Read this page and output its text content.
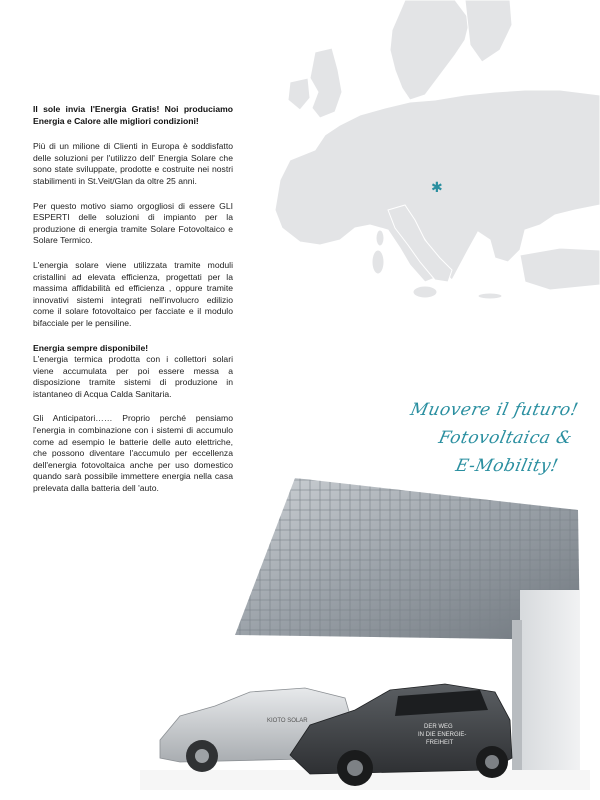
✱

Il sole invia l'Energia Gratis! Noi produciamo Energia e Calore alle migliori condizioni!

Più di un milione di Clienti in Europa è soddisfatto delle soluzioni per l'utilizzo dell' Energia Solare che sono state sviluppate, prodotte e costruite nei nostri stabilimenti in St.Veit/Glan da oltre 25 anni.

Per questo motivo siamo orgogliosi di essere GLI ESPERTI delle soluzioni di impianto per la produzione di energia tramite Solare Fotovoltaico e Solare Termico.

L'energia solare viene utilizzata tramite moduli cristallini ad elevata efficienza, progettati per la massima affidabilità ed efficienza , oppure tramite innovativi sistemi integrati nell'involucro edilizio come il solare fotovoltaico per facciate e il modulo bifacciale per le pensiline.

Energia sempre disponibile!
L'energia termica prodotta con i collettori solari viene accumulata per poi essere messa a disposizione tramite sistemi di produzione in istantaneo di Acqua Calda Sanitaria.

Gli Anticipatori…… Proprio perché pensiamo l'energia in combinazione con i sistemi di accumulo come ad esempio le batterie delle auto elettriche, che possono diventare l'accumulo per eccellenza dell'energia fotovoltaica anche per uso domestico quando sarà possibile immettere energia nella casa prelevata dalla batteria dell 'auto.

Muovere il futuro!
Fotovoltaica &
E-Mobility!
KIOTO SOLAR
DER WEG
IN DIE ENERGIE-
FREIHEIT
